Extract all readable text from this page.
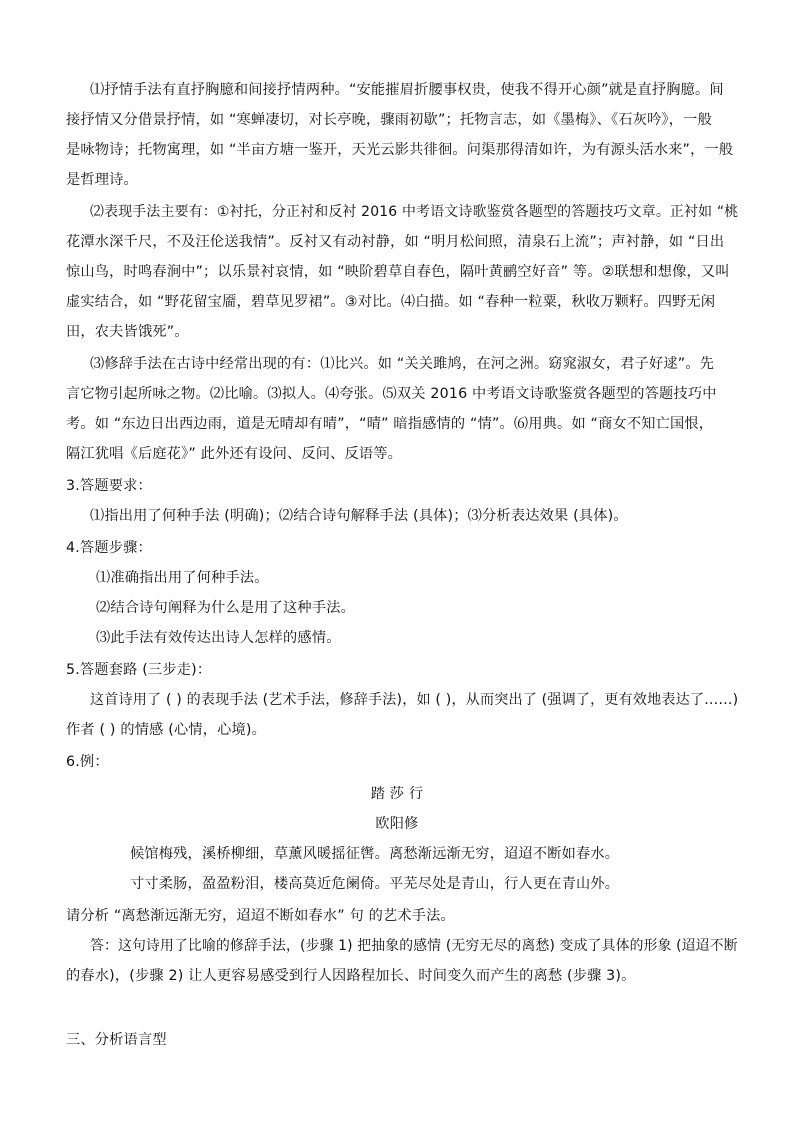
⑴抒情手法有直抒胸臆和间接抒情两种。“安能摧眉折腰事权贵，使我不得开心颜”就是直抒胸臆。间

接抒情又分借景抒情，如 “寒蝉凄切，对长亭晚，骤雨初歇”；托物言志，如《墨梅》、《石灰吟》，一般

是咏物诗；托物寓理，如 “半亩方塘一鉴开，天光云影共徘徊。问渠那得清如许，为有源头活水来”，一般

是哲理诗。

⑵表现手法主要有：①衬托，分正衬和反衬 2016 中考语文诗歌鉴赏各题型的答题技巧文章。正衬如 “桃

花潭水深千尺，不及汪伦送我情”。反衬又有动衬静，如 “明月松间照，清泉石上流”；声衬静，如 “日出

惊山鸟，时鸣春涧中”；以乐景衬哀情，如 “映阶碧草自春色，隔叶黄鹂空好音” 等。②联想和想像，又叫

虚实结合，如 “野花留宝靥，碧草见罗裙”。③对比。⑷白描。如 “春种一粒粟，秋收万颗籽。四野无闲

田，农夫皆饿死”。

⑶修辞手法在古诗中经常出现的有：⑴比兴。如 “关关雎鸠，在河之洲。窈窕淑女，君子好逑”。先

言它物引起所咏之物。⑵比喻。⑶拟人。⑷夸张。⑸双关 2016 中考语文诗歌鉴赏各题型的答题技巧中

考。如 “东边日出西边雨，道是无晴却有晴”，“晴” 暗指感情的 “情”。⑹用典。如 “商女不知亡国恨，

隔江犹唱《后庭花》” 此外还有设问、反问、反语等。

3.答题要求：

⑴指出用了何种手法 (明确)；⑵结合诗句解释手法 (具体)；⑶分析表达效果 (具体)。

4.答题步骤：

⑴准确指出用了何种手法。

⑵结合诗句阐释为什么是用了这种手法。

⑶此手法有效传达出诗人怎样的感情。

5.答题套路 (三步走)：

这首诗用了 ( ) 的表现手法 (艺术手法，修辞手法)，如 ( )，从而突出了 (强调了，更有效地表达了……)

作者 ( ) 的情感 (心情，心境)。

6.例：

踏 莎 行

欧阳修

候馆梅残，溪桥柳细，草薰风暖摇征辔。离愁渐远渐无穷，迢迢不断如春水。

寸寸柔肠，盈盈粉泪，楼高莫近危阑倚。平芜尽处是青山，行人更在青山外。

请分析 “离愁渐远渐无穷，迢迢不断如春水” 句 的艺术手法。

答：这句诗用了比喻的修辞手法，(步骤 1) 把抽象的感情 (无穷无尽的离愁) 变成了具体的形象 (迢迢不断

的春水)，(步骤 2) 让人更容易感受到行人因路程加长、时间变久而产生的离愁 (步骤 3)。

三、分析语言型
